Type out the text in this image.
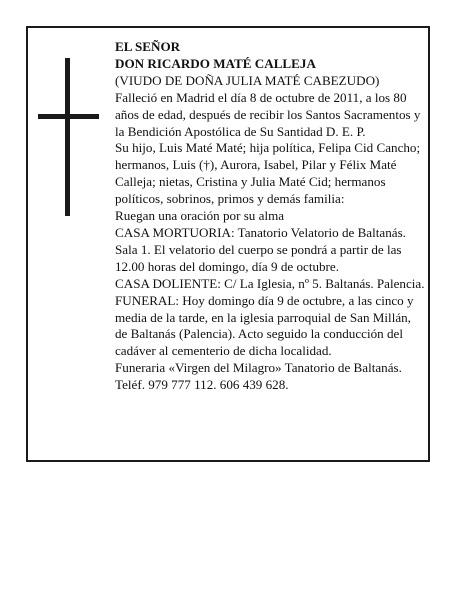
EL SEÑOR

DON RICARDO MATÉ CALLEJA

(VIUDO DE DOÑA JULIA MATÉ CABEZUDO)

Falleció en Madrid el día 8 de octubre de 2011, a los 80 años de edad, después de recibir los Santos Sacramentos y la Bendición Apostólica de Su Santidad D. E. P.

Su hijo, Luis Maté Maté; hija política, Felipa Cid Cancho; hermanos, Luis (†), Aurora, Isabel, Pilar y Félix Maté Calleja; nietas, Cristina y Julia Maté Cid; hermanos políticos, sobrinos, primos y demás familia:

Ruegan una oración por su alma

CASA MORTUORIA: Tanatorio Velatorio de Baltanás. Sala 1. El velatorio del cuerpo se pondrá a partir de las 12.00 horas del domingo, día 9 de octubre.

CASA DOLIENTE: C/ La Iglesia, nº 5. Baltanás. Palencia.

FUNERAL: Hoy domingo día 9 de octubre, a las cinco y media de la tarde, en la iglesia parroquial de San Millán, de Baltanás (Palencia). Acto seguido la conducción del cadáver al cementerio de dicha localidad.

Funeraria «Virgen del Milagro» Tanatorio de Baltanás. Teléf. 979 777 112. 606 439 628.
